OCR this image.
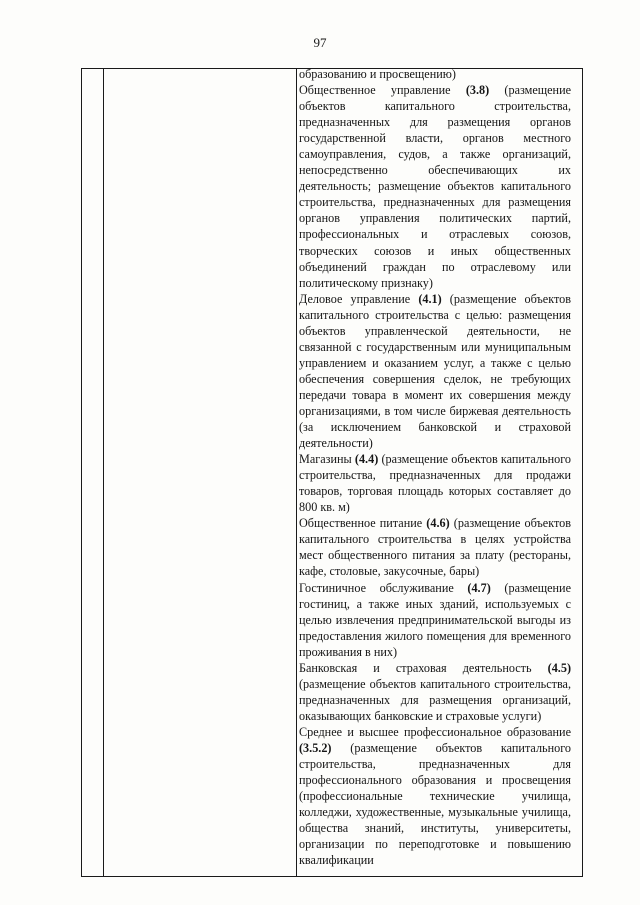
97

образованию и просвещению)

Общественное управление (3.8) (размещение объектов капитального строительства, предназначенных для размещения органов государственной власти, органов местного самоуправления, судов, а также организаций, непосредственно обеспечивающих их деятельность; размещение объектов капитального строительства, предназначенных для размещения органов управления политических партий, профессиональных и отраслевых союзов, творческих союзов и иных общественных объединений граждан по отраслевому или политическому признаку)

Деловое управление (4.1) (размещение объектов капитального строительства с целью: размещения объектов управленческой деятельности, не связанной с государственным или муниципальным управлением и оказанием услуг, а также с целью обеспечения совершения сделок, не требующих передачи товара в момент их совершения между организациями, в том числе биржевая деятельность (за исключением банковской и страховой деятельности)

Магазины (4.4) (размещение объектов капитального строительства, предназначенных для продажи товаров, торговая площадь которых составляет до 800 кв. м)

Общественное питание (4.6) (размещение объектов капитального строительства в целях устройства мест общественного питания за плату (рестораны, кафе, столовые, закусочные, бары)

Гостиничное обслуживание (4.7) (размещение гостиниц, а также иных зданий, используемых с целью извлечения предпринимательской выгоды из предоставления жилого помещения для временного проживания в них)

Банковская и страховая деятельность (4.5) (размещение объектов капитального строительства, предназначенных для размещения организаций, оказывающих банковские и страховые услуги)

Среднее и высшее профессиональное образование (3.5.2) (размещение объектов капитального строительства, предназначенных для профессионального образования и просвещения (профессиональные технические училища, колледжи, художественные, музыкальные училища, общества знаний, институты, университеты, организации по переподготовке и повышению квалификации
